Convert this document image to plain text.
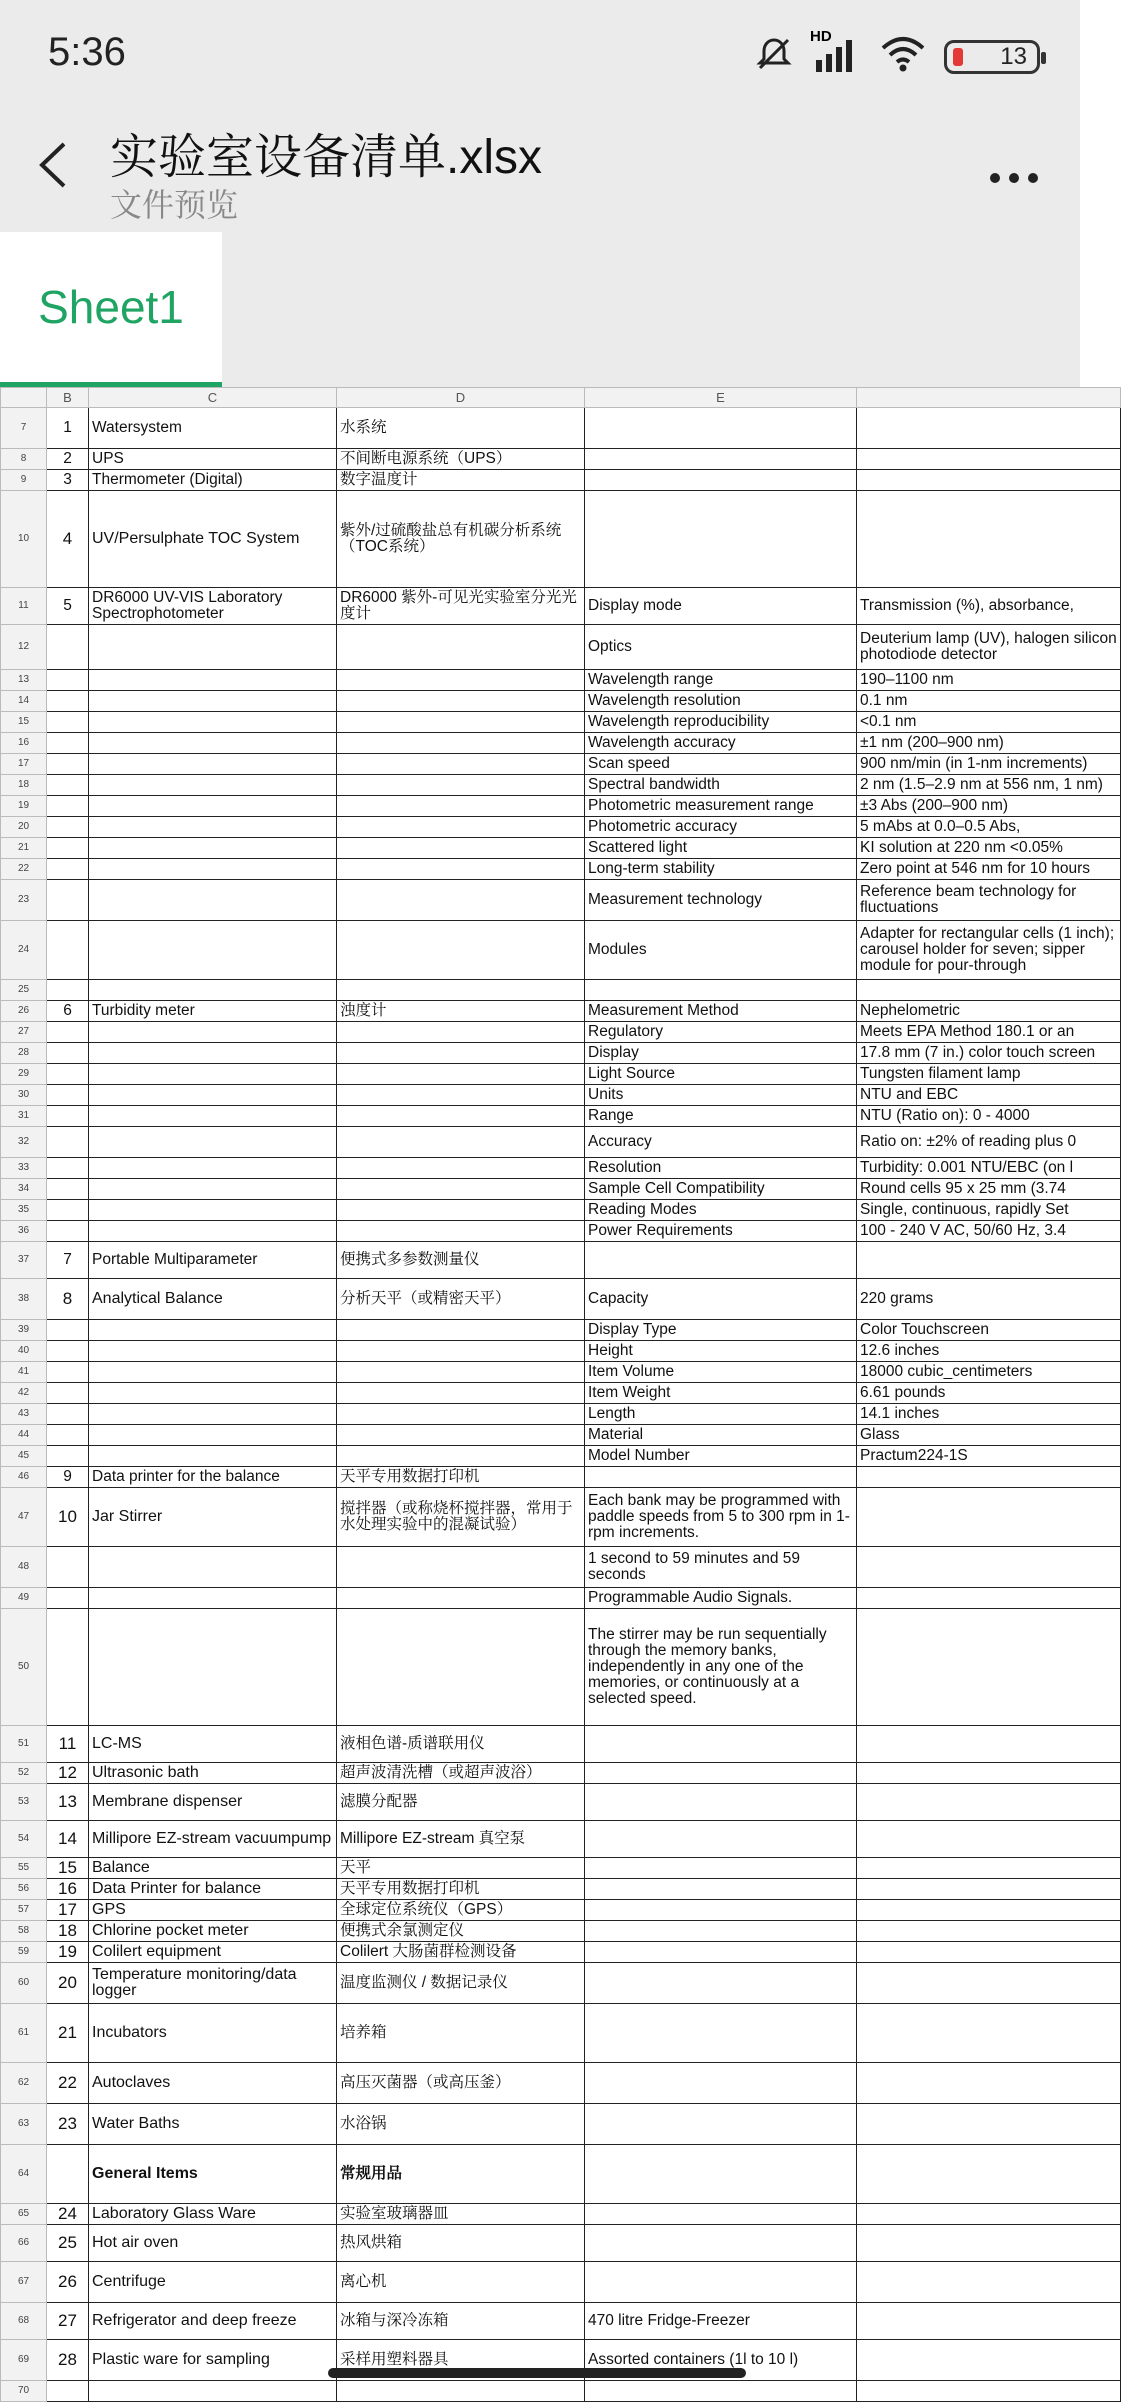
5:36	HD
13
实验室设备清单.xlsx
文件预览
Sheet1
	B	C	D	E	
7	1	Watersystem	水系统		
8	2	UPS	不间断电源系统（UPS）		
9	3	Thermometer (Digital)	数字温度计		
10	4	UV/Persulphate TOC System	紫外/过硫酸盐总有机碳分析系统（TOC系统）		
11	5	DR6000 UV-VIS Laboratory Spectrophotometer	DR6000 紫外-可见光实验室分光光度计	Display mode	Transmission (%), absorbance,
12				Optics	Deuterium lamp (UV), halogen silicon photodiode detector
13				Wavelength range	190–1100 nm
14				Wavelength resolution	0.1 nm
15				Wavelength reproducibility	<0.1 nm
16				Wavelength accuracy	±1 nm (200–900 nm)
17				Scan speed	900 nm/min (in 1-nm increments)
18				Spectral bandwidth	2 nm (1.5–2.9 nm at 556 nm, 1 nm)
19				Photometric measurement range	±3 Abs (200–900 nm)
20				Photometric accuracy	5 mAbs at 0.0–0.5 Abs,
21				Scattered light	KI solution at 220 nm <0.05%
22				Long-term stability	Zero point at 546 nm for 10 hours
23				Measurement technology	Reference beam technology for fluctuations
24				Modules	Adapter for rectangular cells (1 inch); carousel holder for seven; sipper module for pour-through
25					
26	6	Turbidity meter	浊度计	Measurement Method	Nephelometric
27				Regulatory	Meets EPA Method 180.1 or an
28				Display	17.8 mm (7 in.) color touch screen
29				Light Source	Tungsten filament lamp
30				Units	NTU and EBC
31				Range	NTU (Ratio on): 0 - 4000
32				Accuracy	Ratio on: ±2% of reading plus 0
33				Resolution	Turbidity: 0.001 NTU/EBC (on l
34				Sample Cell Compatibility	Round cells 95 x 25 mm (3.74
35				Reading Modes	Single, continuous, rapidly Set
36				Power Requirements	100 - 240 V AC, 50/60 Hz, 3.4
37	7	Portable Multiparameter	便携式多参数测量仪		
38	8	Analytical Balance	分析天平（或精密天平）	Capacity	220 grams
39				Display Type	Color Touchscreen
40				Height	12.6 inches
41				Item Volume	18000 cubic_centimeters
42				Item Weight	6.61 pounds
43				Length	14.1 inches
44				Material	Glass
45				Model Number	Practum224-1S
46	9	Data printer for the balance	天平专用数据打印机		
47	10	Jar Stirrer	搅拌器（或称烧杯搅拌器，常用于水处理实验中的混凝试验）	Each bank may be programmed with paddle speeds from 5 to 300 rpm in 1-rpm increments.	
48				1 second to 59 minutes and 59 seconds	
49				Programmable Audio Signals.	
50				The stirrer may be run sequentially through the memory banks, independently in any one of the memories, or continuously at a selected speed.	
51	11	LC-MS	液相色谱-质谱联用仪		
52	12	Ultrasonic bath	超声波清洗槽（或超声波浴）		
53	13	Membrane dispenser	滤膜分配器		
54	14	Millipore EZ-stream vacuumpump	Millipore EZ-stream 真空泵		
55	15	Balance	天平		
56	16	Data Printer for balance	天平专用数据打印机		
57	17	GPS	全球定位系统仪（GPS）		
58	18	Chlorine pocket meter	便携式余氯测定仪		
59	19	Colilert equipment	Colilert 大肠菌群检测设备		
60	20	Temperature monitoring/data logger	温度监测仪 / 数据记录仪		
61	21	Incubators	培养箱		
62	22	Autoclaves	高压灭菌器（或高压釜）		
63	23	Water Baths	水浴锅		
64		General Items	常规用品		
65	24	Laboratory Glass Ware	实验室玻璃器皿		
66	25	Hot air oven	热风烘箱		
67	26	Centrifuge	离心机		
68	27	Refrigerator and deep freeze	冰箱与深冷冻箱	470 litre Fridge-Freezer	
69	28	Plastic ware for sampling	采样用塑料器具	Assorted containers (1l to 10 l)	
70					
